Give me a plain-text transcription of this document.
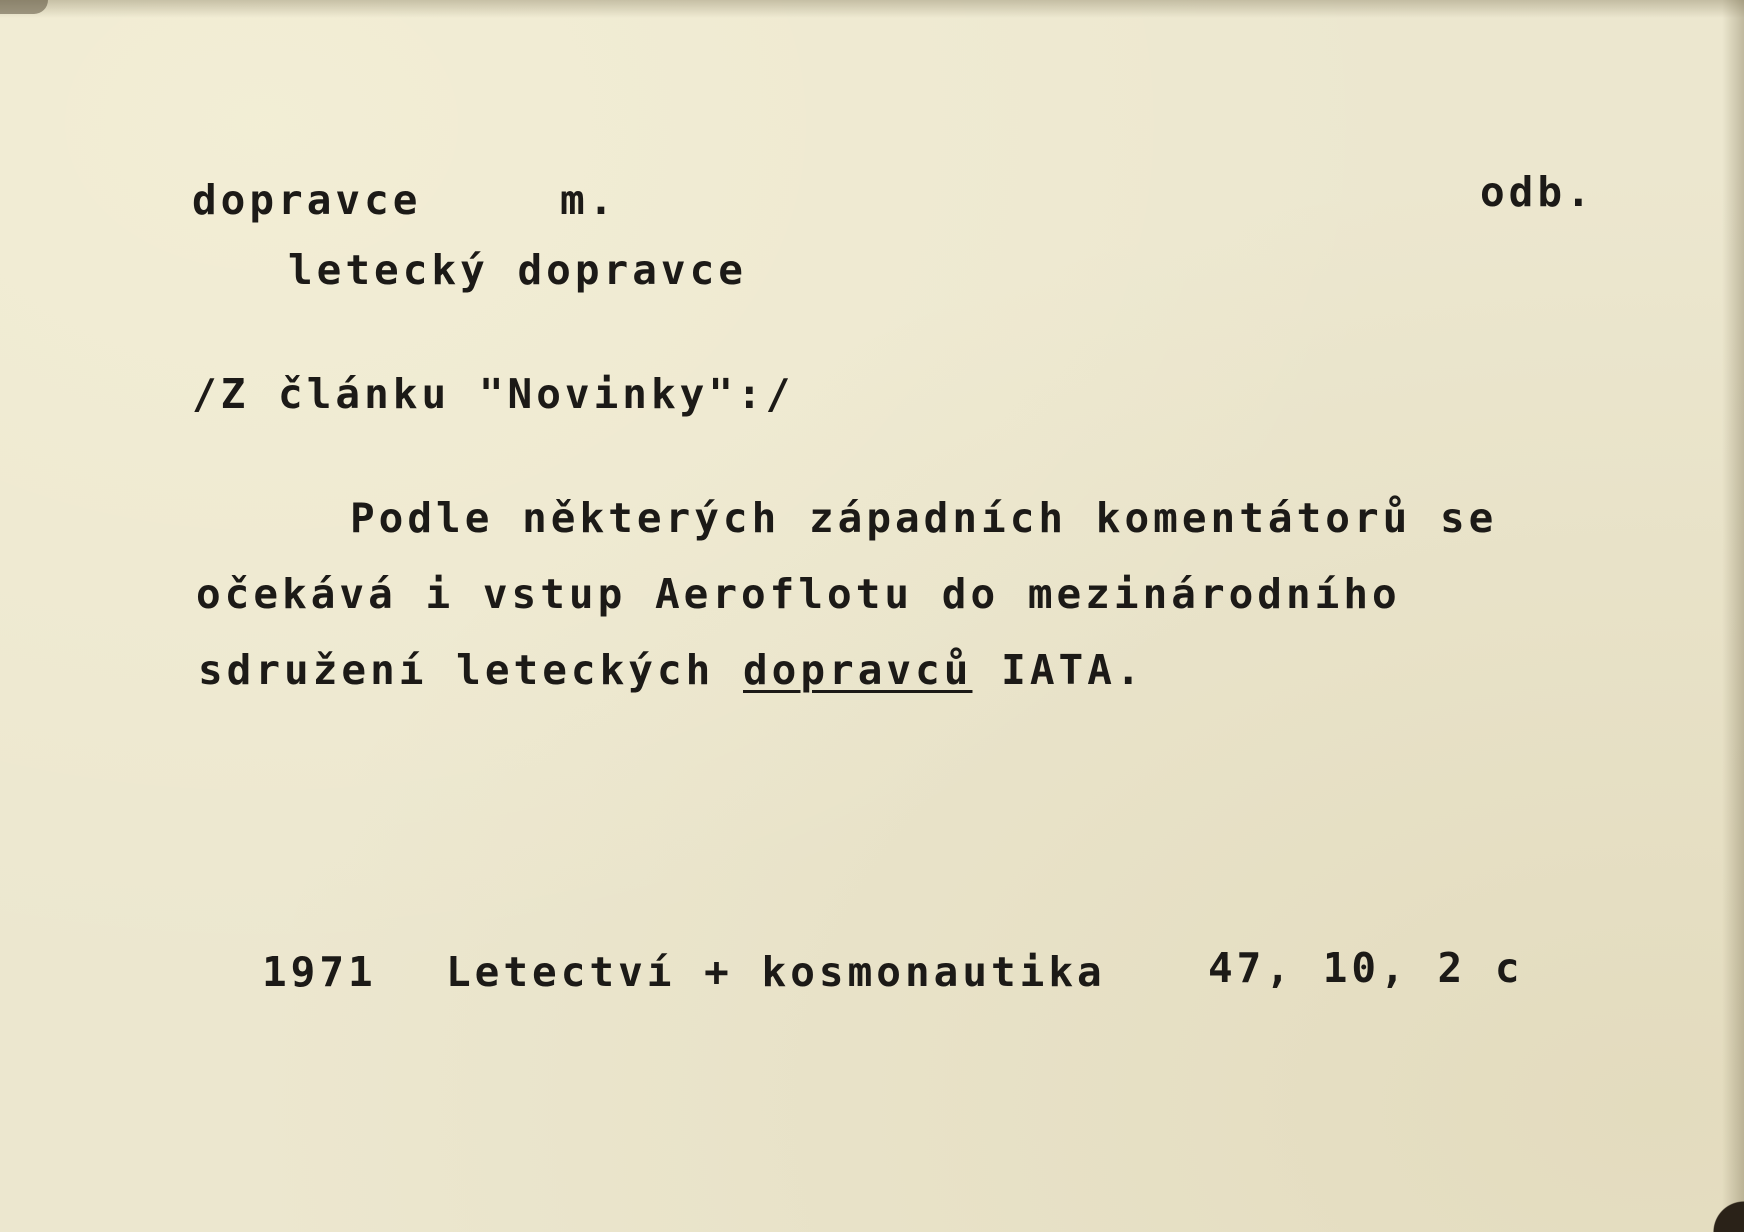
dopravce	m.	odb.

letecký dopravce

/Z článku "Novinky":/

Podle některých západních komentátorů se

očekává i vstup Aeroflotu do mezinárodního

sdružení leteckých dopravců IATA.

1971 Letectví + kosmonautika 47, 10, 2 c
